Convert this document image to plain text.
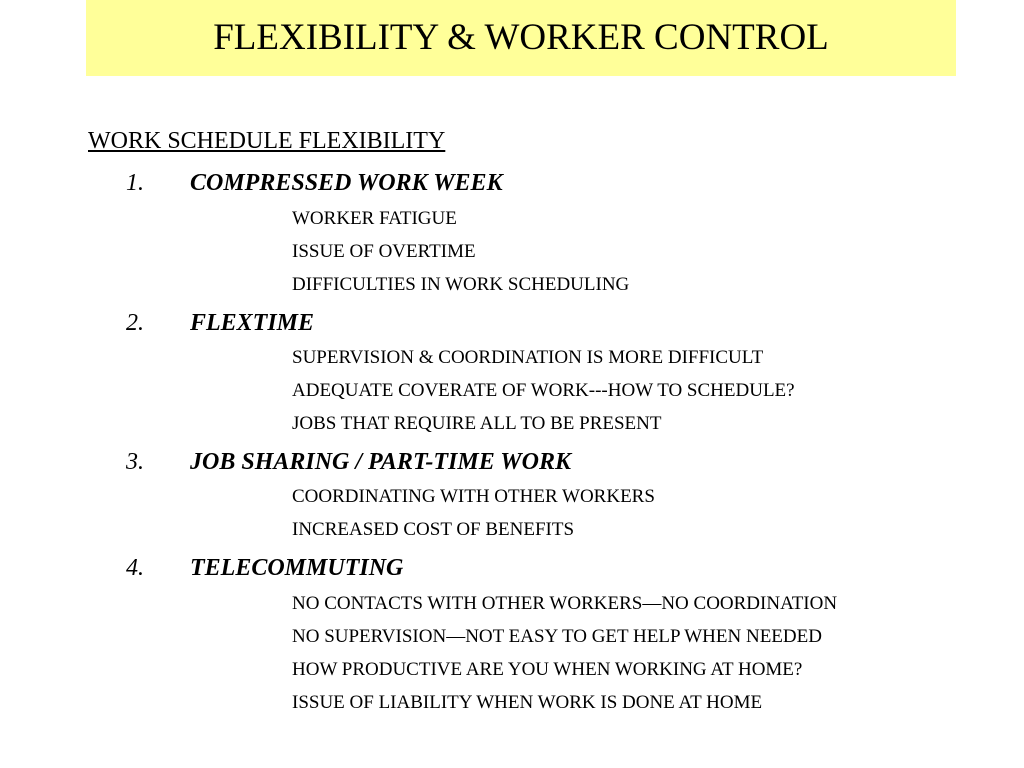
FLEXIBILITY & WORKER CONTROL
WORK SCHEDULE FLEXIBILITY
1. COMPRESSED WORK WEEK
WORKER FATIGUE
ISSUE OF OVERTIME
DIFFICULTIES IN WORK SCHEDULING
2. FLEXTIME
SUPERVISION & COORDINATION IS MORE DIFFICULT
ADEQUATE COVERATE OF WORK---HOW TO SCHEDULE?
JOBS THAT REQUIRE ALL TO BE PRESENT
3. JOB SHARING / PART-TIME WORK
COORDINATING WITH OTHER WORKERS
INCREASED COST OF BENEFITS
4. TELECOMMUTING
NO CONTACTS WITH OTHER WORKERS—NO COORDINATION
NO SUPERVISION—NOT EASY TO GET HELP WHEN NEEDED
HOW PRODUCTIVE ARE YOU WHEN WORKING AT HOME?
ISSUE OF LIABILITY WHEN WORK IS DONE AT HOME
